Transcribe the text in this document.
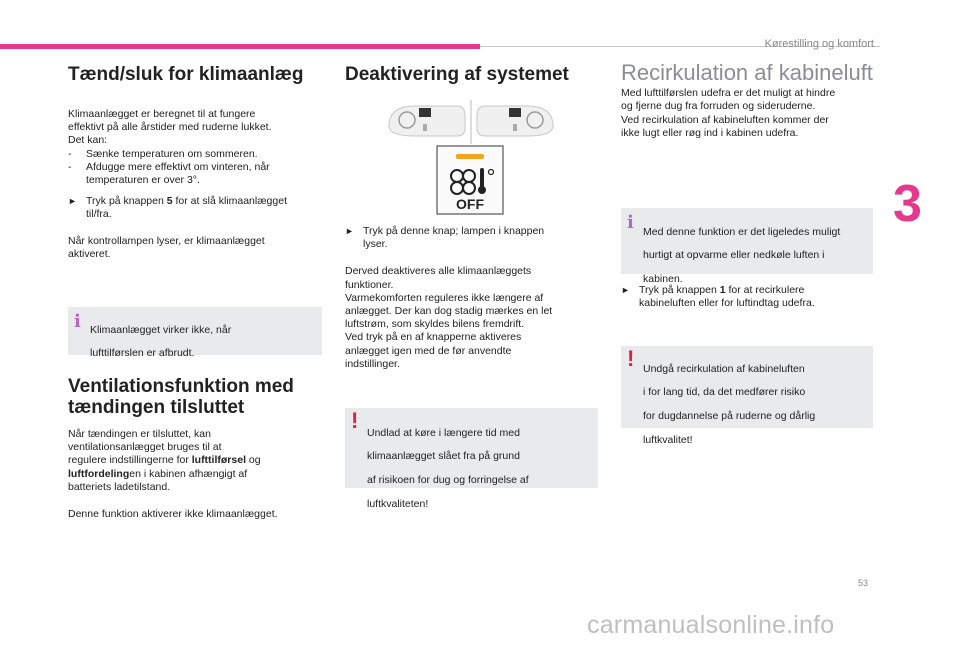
Kørestilling og komfort
3
53
carmanualsonline.info
Tænd/sluk for klimaanlæg

Klimaanlægget er beregnet til at fungere

effektivt på alle årstider med ruderne lukket.

Det kan:

- Sænke temperaturen om sommeren.
- Afdugge mere effektivt om vinteren, når
temperaturen er over 3°.
► Tryk på knappen 5 for at slå klimaanlægget
til/fra.

Når kontrollampen lyser, er klimaanlægget

aktiveret.

i Klimaanlægget virker ikke, når

lufttilførslen er afbrudt.

Ventilationsfunktion med
tændingen tilsluttet

Når tændingen er tilsluttet, kan

ventilationsanlægget bruges til at

regulere indstillingerne for lufttilførsel og

luftfordelingen i kabinen afhængigt af

batteriets ladetilstand.

Denne funktion aktiverer ikke klimaanlægget.

Deaktivering af systemet
OFF
► Tryk på denne knap; lampen i knappen
lyser.

Derved deaktiveres alle klimaanlæggets

funktioner.

Varmekomforten reguleres ikke længere af

anlægget. Der kan dog stadig mærkes en let

luftstrøm, som skyldes bilens fremdrift.

Ved tryk på en af knapperne aktiveres

anlægget igen med de før anvendte

indstillinger.

! Undlad at køre i længere tid med

klimaanlægget slået fra på grund

af risikoen for dug og forringelse af

luftkvaliteten!

Recirkulation af kabineluft

Med lufttilførslen udefra er det muligt at hindre

og fjerne dug fra forruden og sideruderne.

Ved recirkulation af kabineluften kommer der

ikke lugt eller røg ind i kabinen udefra.

i Med denne funktion er det ligeledes muligt

hurtigt at opvarme eller nedkøle luften i

kabinen.

► Tryk på knappen 1 for at recirkulere
kabineluften eller for luftindtag udefra.
! Undgå recirkulation af kabineluften

i for lang tid, da det medfører risiko

for dugdannelse på ruderne og dårlig

luftkvalitet!
